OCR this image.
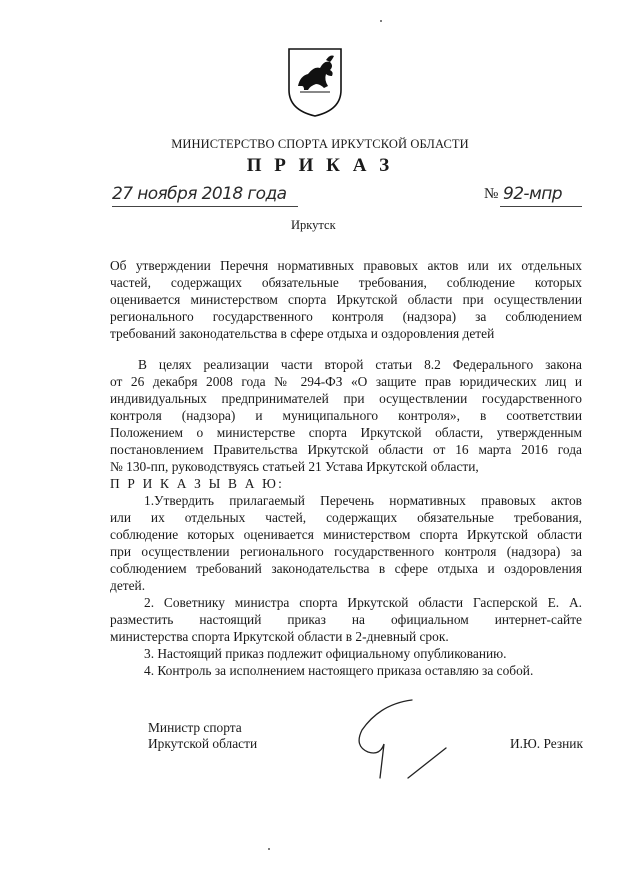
МИНИСТЕРСТВО СПОРТА ИРКУТСКОЙ ОБЛАСТИ
П Р И К А З
27 ноября 2018 года	№ 92-мпр
Иркутск
Об утверждении Перечня нормативных правовых актов или их отдельных
частей, содержащих обязательные требования, соблюдение которых
оценивается министерством спорта Иркутской области при осуществлении
регионального государственного контроля (надзора) за соблюдением
требований законодательства в сфере отдыха и оздоровления детей
В целях реализации части второй статьи 8.2 Федерального закона
от 26 декабря 2008 года № 294-ФЗ «О защите прав юридических лиц и
индивидуальных предпринимателей при осуществлении государственного
контроля (надзора) и муниципального контроля», в соответствии
Положением о министерстве спорта Иркутской области, утвержденным
постановлением Правительства Иркутской области от 16 марта 2016 года
№ 130-пп, руководствуясь статьей 21 Устава Иркутской области,
П Р И К А З Ы В А Ю:
1.Утвердить прилагаемый Перечень нормативных правовых актов
или их отдельных частей, содержащих обязательные требования,
соблюдение которых оценивается министерством спорта Иркутской области
при осуществлении регионального государственного контроля (надзора) за
соблюдением требований законодательства в сфере отдыха и оздоровления
детей.
2. Советнику министра спорта Иркутской области Гасперской Е. А.
разместить настоящий приказ на официальном интернет-сайте
министерства спорта Иркутской области в 2-дневный срок.
3. Настоящий приказ подлежит официальному опубликованию.
4. Контроль за исполнением настоящего приказа оставляю за собой.
Министр спорта
Иркутской области	И.Ю. Резник
